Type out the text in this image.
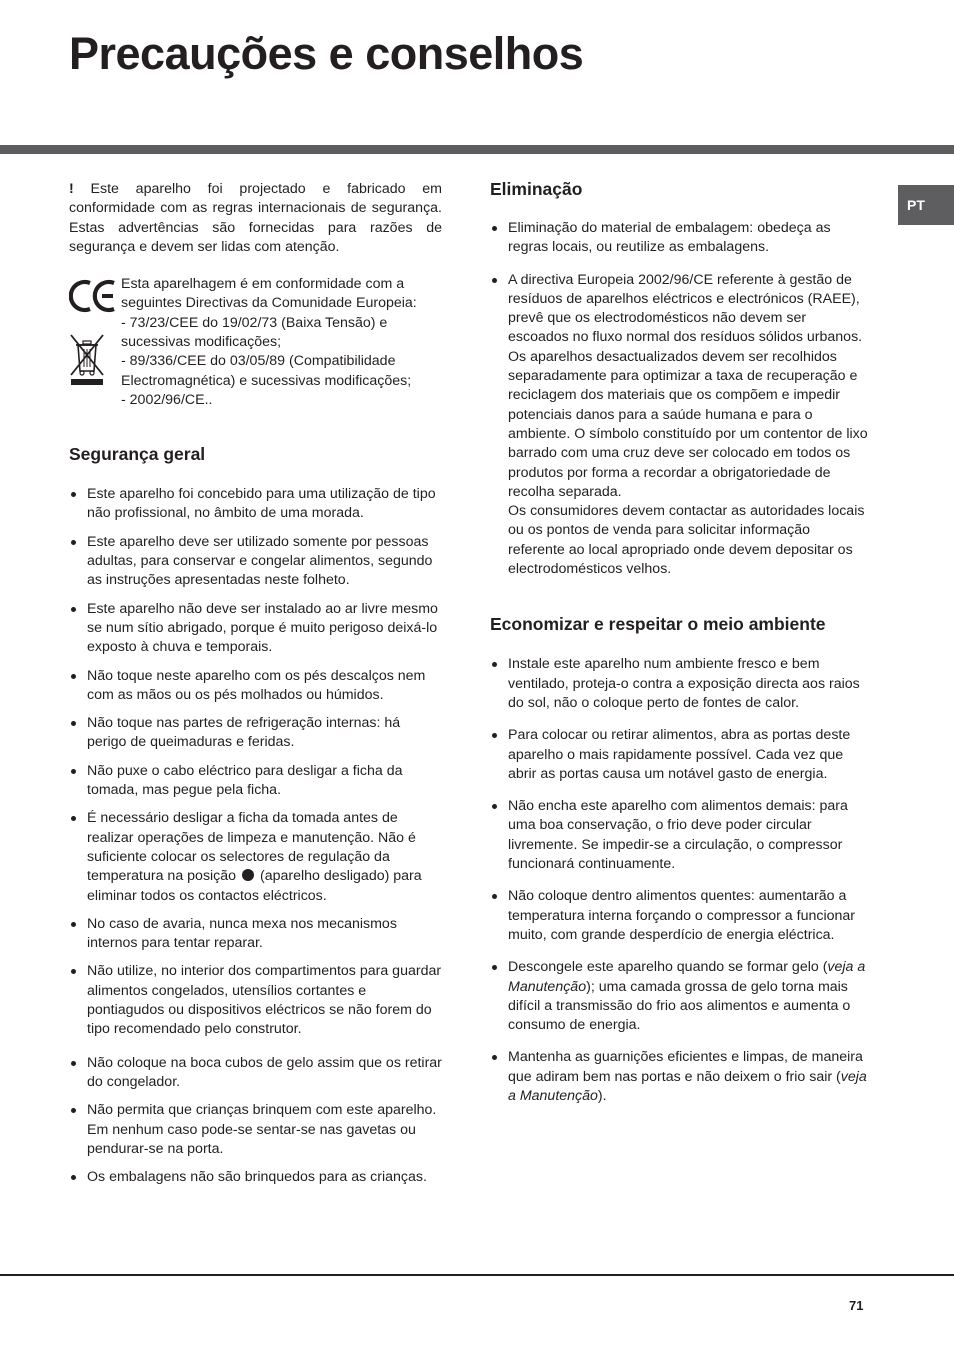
Precauções e conselhos
PT

! Este aparelho foi projectado e fabricado em conformidade com as regras internacionais de segurança. Estas advertências são fornecidas para razões de segurança e devem ser lidas com atenção.

Esta aparelhagem é em conformidade com a
seguintes Directivas da Comunidade Europeia:
- 73/23/CEE do 19/02/73 (Baixa Tensão) e
sucessivas modificações;
- 89/336/CEE do 03/05/89 (Compatibilidade
Electromagnética) e sucessivas modificações;
- 2002/96/CE..
Segurança geral
Este aparelho foi concebido para uma utilização de tipo não profissional, no âmbito de uma morada.
Este aparelho deve ser utilizado somente por pessoas adultas, para conservar e congelar alimentos, segundo as instruções apresentadas neste folheto.
Este aparelho não deve ser instalado ao ar livre mesmo se num sítio abrigado, porque é muito perigoso deixá-lo exposto à chuva e temporais.
Não toque neste aparelho com os pés descalços nem com as mãos ou os pés molhados ou húmidos.
Não toque nas partes de refrigeração internas: há perigo de queimaduras e feridas.
Não puxe o cabo eléctrico para desligar a ficha da tomada, mas pegue pela ficha.
É necessário desligar a ficha da tomada antes de realizar operações de limpeza e manutenção. Não é suficiente colocar os selectores de regulação da temperatura na posição (aparelho desligado) para eliminar todos os contactos eléctricos.
No caso de avaria, nunca mexa nos mecanismos internos para tentar reparar.
Não utilize, no interior dos compartimentos para guardar alimentos congelados, utensílios cortantes e pontiagudos ou dispositivos eléctricos se não forem do tipo recomendado pelo construtor.
Não coloque na boca cubos de gelo assim que os retirar do congelador.
Não permita que crianças brinquem com este aparelho. Em nenhum caso pode-se sentar-se nas gavetas ou pendurar-se na porta.
Os embalagens não são brinquedos para as crianças.
Eliminação
Eliminação do material de embalagem: obedeça as regras locais, ou reutilize as embalagens.
A directiva Europeia 2002/96/CE referente à gestão de resíduos de aparelhos eléctricos e electrónicos (RAEE), prevê que os electrodomésticos não devem ser escoados no fluxo normal dos resíduos sólidos urbanos. Os aparelhos desactualizados devem ser recolhidos separadamente para optimizar a taxa de recuperação e reciclagem dos materiais que os compõem e impedir potenciais danos para a saúde humana e para o ambiente. O símbolo constituído por um contentor de lixo barrado com uma cruz deve ser colocado em todos os produtos por forma a recordar a obrigatoriedade de recolha separada.
Os consumidores devem contactar as autoridades locais ou os pontos de venda para solicitar informação referente ao local apropriado onde devem depositar os electrodomésticos velhos.
Economizar e respeitar o meio ambiente
Instale este aparelho num ambiente fresco e bem ventilado, proteja-o contra a exposição directa aos raios do sol, não o coloque perto de fontes de calor.
Para colocar ou retirar alimentos, abra as portas deste aparelho o mais rapidamente possível. Cada vez que abrir as portas causa um notável gasto de energia.
Não encha este aparelho com alimentos demais: para uma boa conservação, o frio deve poder circular livremente. Se impedir-se a circulação, o compressor funcionará continuamente.
Não coloque dentro alimentos quentes: aumentarão a temperatura interna forçando o compressor a funcionar muito, com grande desperdício de energia eléctrica.
Descongele este aparelho quando se formar gelo (veja a Manutenção); uma camada grossa de gelo torna mais difícil a transmissão do frio aos alimentos e aumenta o consumo de energia.
Mantenha as guarnições eficientes e limpas, de maneira que adiram bem nas portas e não deixem o frio sair (veja a Manutenção).
71
